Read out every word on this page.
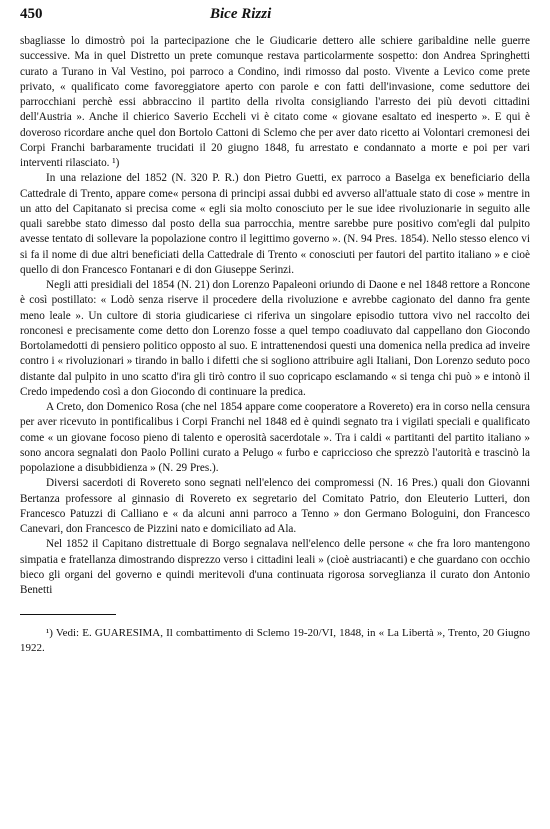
450	Bice Rizzi

sbagliasse lo dimostrò poi la partecipazione che le Giudicarie dettero alle schiere garibaldine nelle guerre successive. Ma in quel Distretto un prete comunque restava particolarmente sospetto: don Andrea Springhetti curato a Turano in Val Vestino, poi parroco a Condino, indi rimosso dal posto. Vivente a Levico come prete privato, « qualificato come favoreggiatore aperto con parole e con fatti dell'invasione, come seduttore dei parrocchiani perchè essi abbraccino il partito della rivolta consigliando l'arresto dei più devoti cittadini dell'Austria ». Anche il chierico Saverio Eccheli vi è citato come « giovane esaltato ed inesperto ». E qui è doveroso ricordare anche quel don Bortolo Cattoni di Sclemo che per aver dato ricetto ai Volontari cremonesi dei Corpi Franchi barbaramente trucidati il 20 giugno 1848, fu arrestato e condannato a morte e poi per vari interventi rilasciato. ¹)

In una relazione del 1852 (N. 320 P. R.) don Pietro Guetti, ex parroco a Baselga ex beneficiario della Cattedrale di Trento, appare come« persona di principi assai dubbi ed avverso all'attuale stato di cose » mentre in un atto del Capitanato si precisa come « egli sia molto conosciuto per le sue idee rivoluzionarie in seguito alle quali sarebbe stato dimesso dal posto della sua parrocchia, mentre sarebbe pure positivo com'egli dal pulpito avesse tentato di sollevare la popolazione contro il legittimo governo ». (N. 94 Pres. 1854). Nello stesso elenco vi si fa il nome di due altri beneficiati della Cattedrale di Trento « conosciuti per fautori del partito italiano » e cioè quello di don Francesco Fontanari e di don Giuseppe Serinzi.

Negli atti presidiali del 1854 (N. 21) don Lorenzo Papaleoni oriundo di Daone e nel 1848 rettore a Roncone è così postillato: « Lodò senza riserve il procedere della rivoluzione e avrebbe cagionato del danno fra gente meno leale ». Un cultore di storia giudicariese ci riferiva un singolare episodio tuttora vivo nel raccolto dei ronconesi e precisamente come detto don Lorenzo fosse a quel tempo coadiuvato dal cappellano don Giocondo Bortolamedotti di pensiero politico opposto al suo. E intrattenendosi questi una domenica nella predica ad inveire contro i « rivoluzionari » tirando in ballo i difetti che si sogliono attribuire agli Italiani, Don Lorenzo seduto poco distante dal pulpito in uno scatto d'ira gli tirò contro il suo copricapo esclamando « si tenga chi può » e intonò il Credo impedendo così a don Giocondo di continuare la predica.

A Creto, don Domenico Rosa (che nel 1854 appare come cooperatore a Rovereto) era in corso nella censura per aver ricevuto in pontificalibus i Corpi Franchi nel 1848 ed è quindi segnato tra i vigilati speciali e qualificato come « un giovane focoso pieno di talento e operosità sacerdotale ». Tra i caldi « partitanti del partito italiano » sono ancora segnalati don Paolo Pollini curato a Pelugo « furbo e capriccioso che sprezzò l'autorità e trascinò la popolazione a disubbidienza » (N. 29 Pres.).

Diversi sacerdoti di Rovereto sono segnati nell'elenco dei compromessi (N. 16 Pres.) quali don Giovanni Bertanza professore al ginnasio di Rovereto ex segretario del Comitato Patrio, don Eleuterio Lutteri, don Francesco Patuzzi di Calliano e « da alcuni anni parroco a Tenno » don Germano Bologuini, don Francesco Canevari, don Francesco de Pizzini nato e domiciliato ad Ala.

Nel 1852 il Capitano distrettuale di Borgo segnalava nell'elenco delle persone « che fra loro mantengono simpatia e fratellanza dimostrando disprezzo verso i cittadini leali » (cioè austriacanti) e che guardano con occhio bieco gli organi del governo e quindi meritevoli d'una continuata rigorosa sorveglianza il curato don Antonio Benetti

¹) Vedi: E. GUARESIMA, Il combattimento di Sclemo 19-20/VI, 1848, in « La Libertà », Trento, 20 Giugno 1922.
